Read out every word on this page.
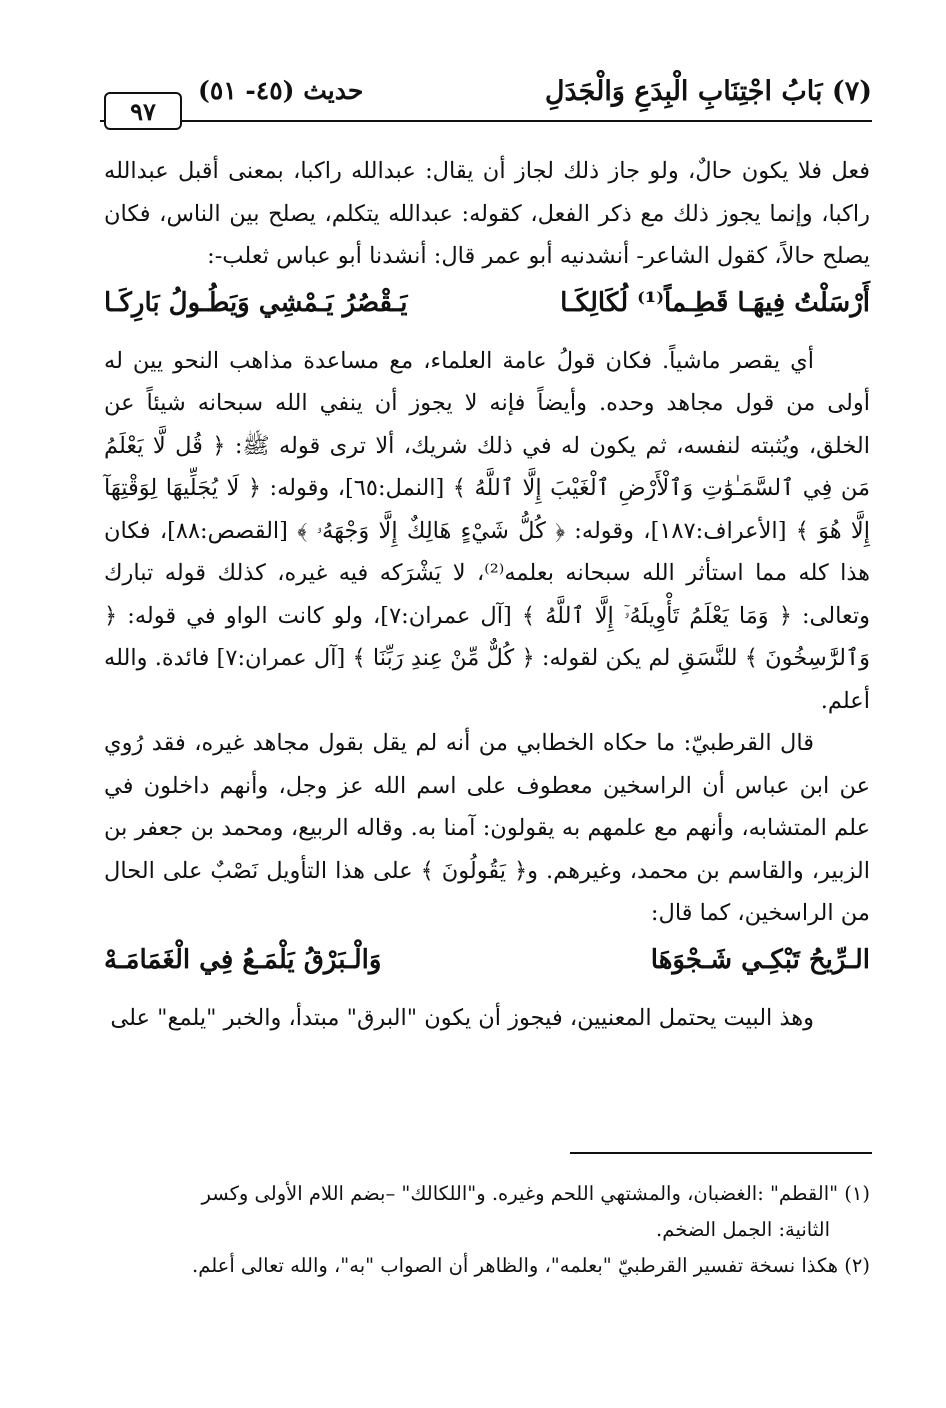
(٧) بَابُ اجْتِنَابِ الْبِدَعِ وَالْجَدَلِ
حديث (٤٥- ٥١)
٩٧

فعل فلا يكون حالٌ، ولو جاز ذلك لجاز أن يقال: عبدالله راكبا، بمعنى أقبل عبدالله راكبا، وإنما يجوز ذلك مع ذكر الفعل، كقوله: عبدالله يتكلم، يصلح بين الناس، فكان يصلح حالاً، كقول الشاعر- أنشدنيه أبو عمر قال: أنشدنا أبو عباس ثعلب-:

أَرْسَلْتُ فِيهَـا قَطِـماً⁽¹⁾ لُكَالِكَـا
يَـقْصُرُ يَـمْشِي وَيَطُـولُ بَارِكَـا

أي يقصر ماشياً. فكان قولُ عامة العلماء، مع مساعدة مذاهب النحو يين له أولى من قول مجاهد وحده. وأيضاً فإنه لا يجوز أن ينفي الله سبحانه شيئاً عن الخلق، ويُثبته لنفسه، ثم يكون له في ذلك شريك، ألا ترى قوله ﷺ: ﴿ قُل لَّا يَعْلَمُ مَن فِي ٱلسَّمَـٰوَٰتِ وَٱلْأَرْضِ ٱلْغَيْبَ إِلَّا ٱللَّهُ ﴾ [النمل:٦٥]، وقوله: ﴿ لَا يُجَلِّيهَا لِوَقْتِهَآ إِلَّا هُوَ ﴾ [الأعراف:١٨٧]، وقوله: ﴿ كُلُّ شَيْءٍ هَالِكٌ إِلَّا وَجْهَهُۥ ﴾ [القصص:٨٨]، فكان هذا كله مما استأثر الله سبحانه بعلمه⁽²⁾، لا يَشْرَكه فيه غيره، كذلك قوله تبارك وتعالى: ﴿ وَمَا يَعْلَمُ تَأْوِيلَهُۥٓ إِلَّا ٱللَّهُ ﴾ [آل عمران:٧]، ولو كانت الواو في قوله: ﴿ وَٱلرَّٰسِخُونَ ﴾ للنَّسَقِ لم يكن لقوله: ﴿ كُلٌّ مِّنْ عِندِ رَبِّنَا ﴾ [آل عمران:٧] فائدة. والله أعلم.

قال القرطبيّ: ما حكاه الخطابي من أنه لم يقل بقول مجاهد غيره، فقد رُوي عن ابن عباس أن الراسخين معطوف على اسم الله عز وجل، وأنهم داخلون في علم المتشابه، وأنهم مع علمهم به يقولون: آمنا به. وقاله الربيع، ومحمد بن جعفر بن الزبير، والقاسم بن محمد، وغيرهم. و﴿ يَقُولُونَ ﴾ على هذا التأويل نَصْبٌ على الحال من الراسخين، كما قال:

الـرِّيحُ تَبْكِـي شَـجْوَهَا
وَالْـبَرْقُ يَلْمَـعُ فِي الْغَمَامَـهْ

وهذ البيت يحتمل المعنيين، فيجوز أن يكون "البرق" مبتدأ، والخبر "يلمع" على

(١) "القطم" :الغضبان، والمشتهي اللحم وغيره. و"اللكالك" –بضم اللام الأولى وكسر

الثانية: الجمل الضخم.

(٢) هكذا نسخة تفسير القرطبيّ "بعلمه"، والظاهر أن الصواب "به"، والله تعالى أعلم.
